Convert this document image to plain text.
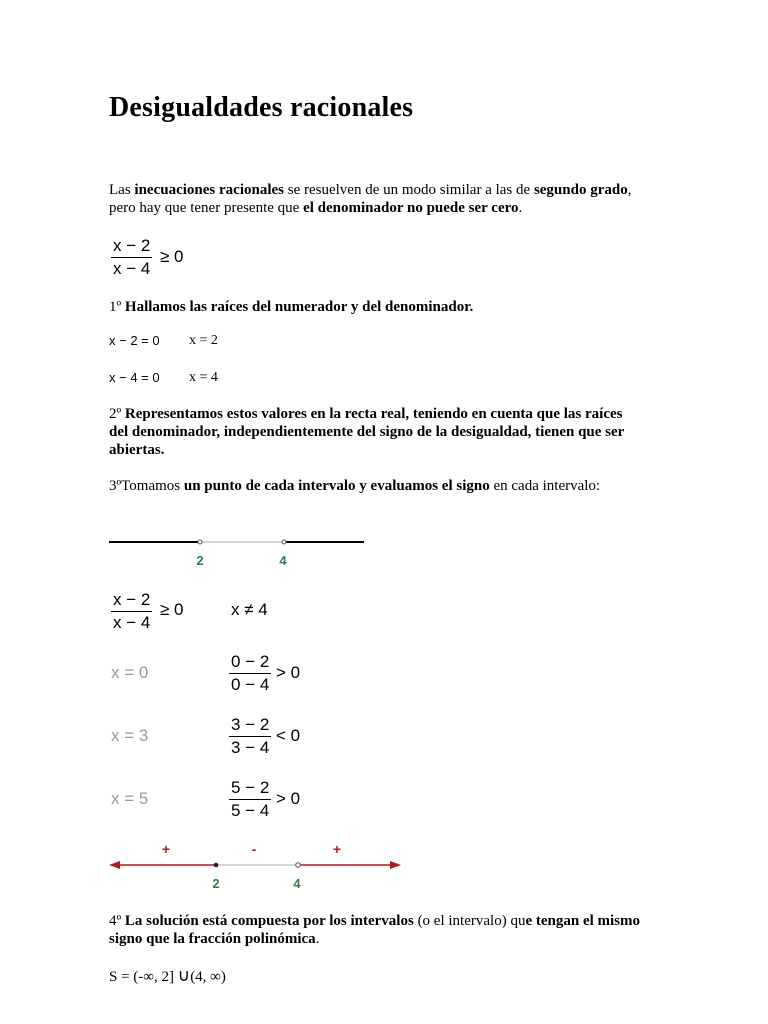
Desigualdades racionales
Las inecuaciones racionales se resuelven de un modo similar a las de segundo grado,
pero hay que tener presente que el denominador no puede ser cero.
x − 2
x − 4
≥ 0
1º Hallamos las raíces del numerador y del denominador.
x − 2 = 0 x = 2
x − 4 = 0 x = 4
2º Representamos estos valores en la recta real, teniendo en cuenta que las raíces
del denominador, independientemente del signo de la desigualdad, tienen que ser
abiertas.
3ºTomamos un punto de cada intervalo y evaluamos el signo en cada intervalo:
2	4
x − 2
x − 4
≥ 0	x ≠ 4
x = 0
0 − 2
0 − 4
> 0
x = 3
3 − 2
3 − 4
< 0
x = 5
5 − 2
5 − 4
> 0
+	-	+
2	4
4º La solución está compuesta por los intervalos (o el intervalo) que tengan el mismo
signo que la fracción polinómica.
S = (-∞, 2] ∪(4, ∞)
